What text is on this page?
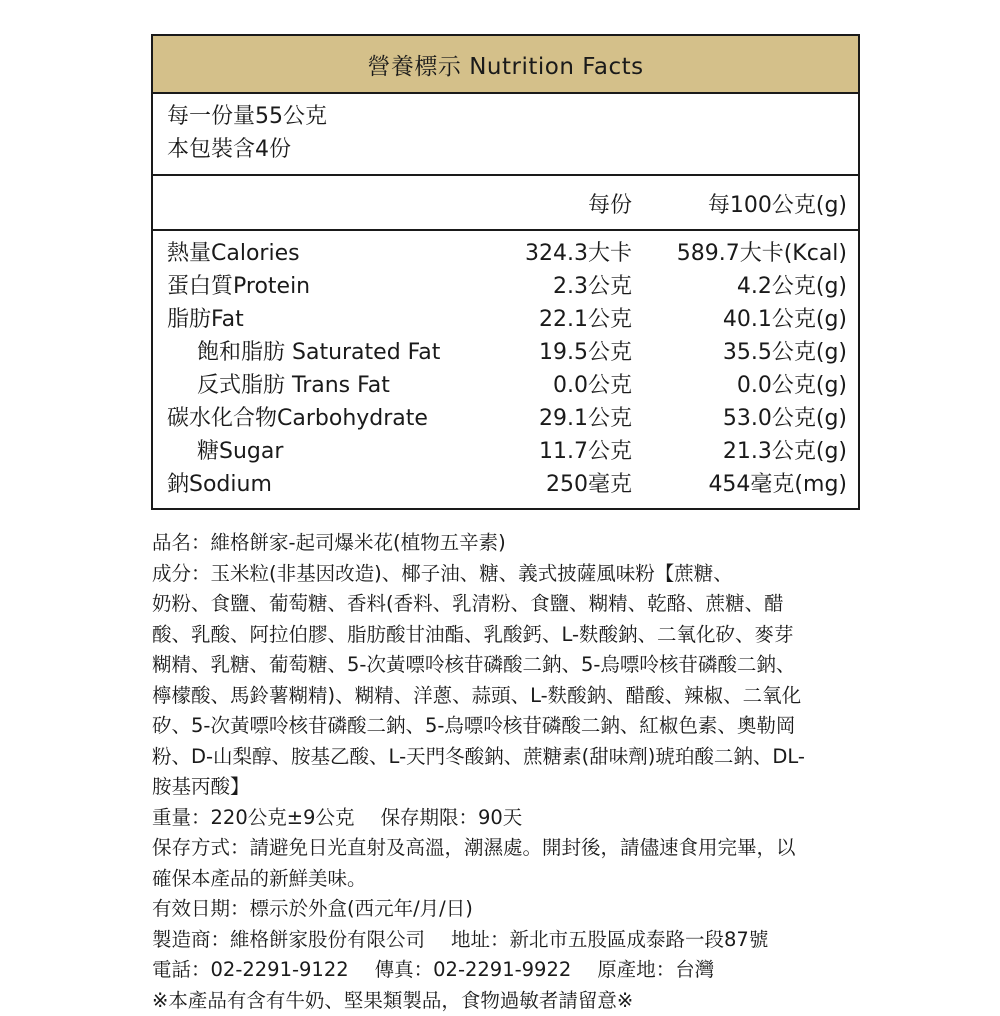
營養標示 Nutrition Facts
每一份量55公克
本包裝含4份
每份	每100公克(g)
熱量Calories	324.3大卡 589.7大卡(Kcal)
蛋白質Protein	2.3公克	4.2公克(g)
脂肪Fat	22.1公克	40.1公克(g)
飽和脂肪 Saturated Fat	19.5公克	35.5公克(g)
反式脂肪 Trans Fat	0.0公克	0.0公克(g)
碳水化合物Carbohydrate	29.1公克	53.0公克(g)
糖Sugar	11.7公克	21.3公克(g)
鈉Sodium	250毫克	454毫克(mg)

品名：維格餅家-起司爆米花(植物五辛素)

成分：玉米粒(非基因改造)、椰子油、糖、義式披薩風味粉【蔗糖、

奶粉、食鹽、葡萄糖、香料(香料、乳清粉、食鹽、糊精、乾酪、蔗糖、醋

酸、乳酸、阿拉伯膠、脂肪酸甘油酯、乳酸鈣、L-麩酸鈉、二氧化矽、麥芽

糊精、乳糖、葡萄糖、5-次黃嘌呤核苷磷酸二鈉、5-烏嘌呤核苷磷酸二鈉、

檸檬酸、馬鈴薯糊精)、糊精、洋蔥、蒜頭、L-麩酸鈉、醋酸、辣椒、二氧化

矽、5-次黃嘌呤核苷磷酸二鈉、5-烏嘌呤核苷磷酸二鈉、紅椒色素、奧勒岡

粉、D-山梨醇、胺基乙酸、L-天門冬酸鈉、蔗糖素(甜味劑)琥珀酸二鈉、DL-

胺基丙酸】

重量：220公克±9公克 保存期限：90天

保存方式：請避免日光直射及高溫，潮濕處。開封後，請儘速食用完畢，以

確保本產品的新鮮美味。

有效日期：標示於外盒(西元年/月/日)

製造商：維格餅家股份有限公司 地址：新北市五股區成泰路一段87號

電話：02-2291-9122 傳真：02-2291-9922 原產地：台灣

※本產品有含有牛奶、堅果類製品，食物過敏者請留意※
